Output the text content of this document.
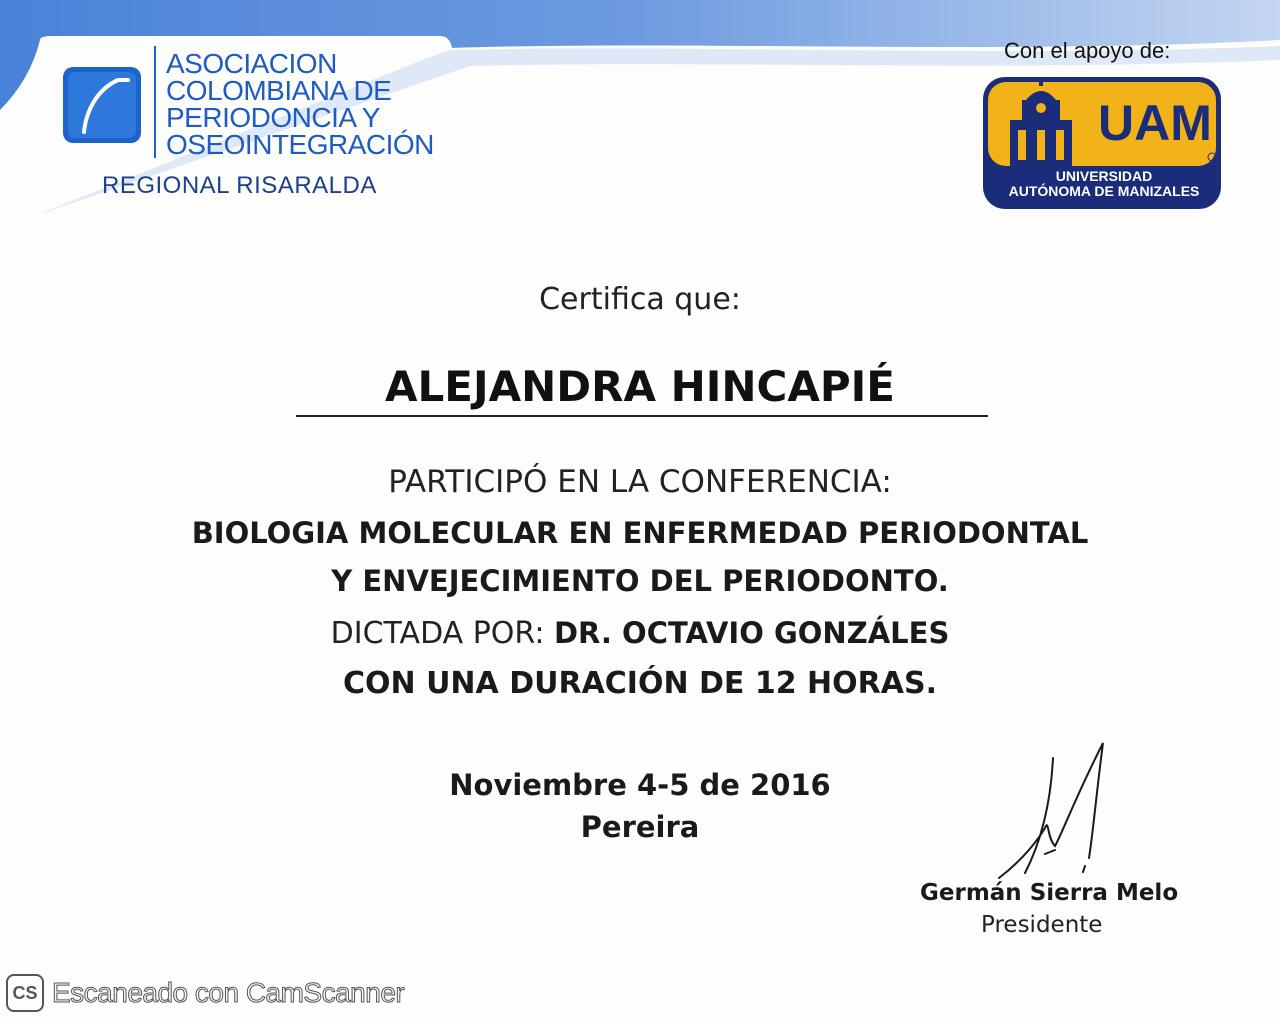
ASOCIACION
COLOMBIANA DE
PERIODONCIA Y
OSEOINTEGRACIÓN
REGIONAL RISARALDA
Con el apoyo de:
UAM
UNIVERSIDAD
AUTÓNOMA DE MANIZALES
Certifica que:
ALEJANDRA HINCAPIÉ
PARTICIPÓ EN LA CONFERENCIA:
BIOLOGIA MOLECULAR EN ENFERMEDAD PERIODONTAL
Y ENVEJECIMIENTO DEL PERIODONTO.
DICTADA POR: DR. OCTAVIO GONZÁLES
CON UNA DURACIÓN DE 12 HORAS.
Noviembre 4-5 de 2016
Pereira
Germán Sierra Melo
Presidente
CS Escaneado con CamScanner
